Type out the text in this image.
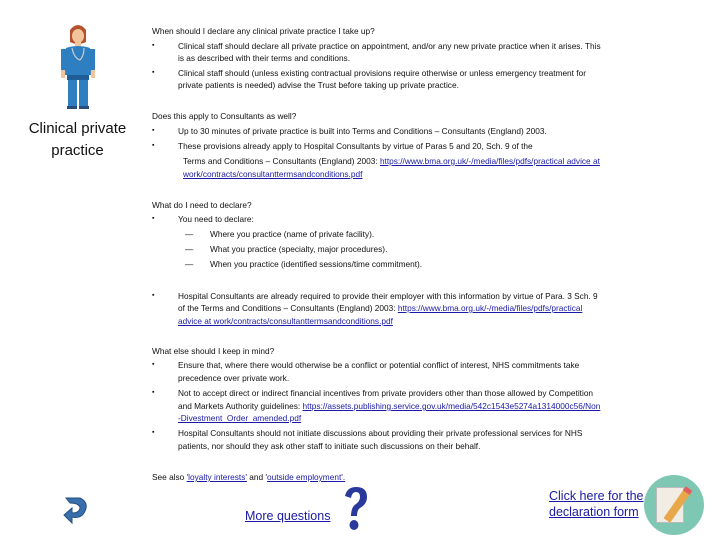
Clinical private
practice
When should I declare any clinical private practice I take up?
▪	Clinical staff should declare all private practice on appointment, and/or any new private practice when it arises. This
is as described with their terms and conditions.
▪	Clinical staff should (unless existing contractual provisions require otherwise or unless emergency treatment for
private patients is needed) advise the Trust before taking up private practice.
Does this apply to Consultants as well?
▪	Up to 30 minutes of private practice is built into Terms and Conditions – Consultants (England) 2003.
▪	These provisions already apply to Hospital Consultants by virtue of Paras 5 and 20, Sch. 9 of the
Terms and Conditions – Consultants (England) 2003: https://www.bma.org.uk/-/media/files/pdfs/practical advice at
work/contracts/consultanttermsandconditions.pdf
What do I need to declare?
▪	You need to declare:
— Where you practice (name of private facility).
— What you practice (specialty, major procedures).
— When you practice (identified sessions/time commitment).
▪	Hospital Consultants are already required to provide their employer with this information by virtue of Para. 3 Sch. 9
of the Terms and Conditions – Consultants (England) 2003: https://www.bma.org.uk/-/media/files/pdfs/practical
advice at work/contracts/consultanttermsandconditions.pdf
What else should I keep in mind?
▪	Ensure that, where there would otherwise be a conflict or potential conflict of interest, NHS commitments take
precedence over private work.
▪	Not to accept direct or indirect financial incentives from private providers other than those allowed by Competition
and Markets Authority guidelines: https://assets.publishing.service.gov.uk/media/542c1543e5274a1314000c56/Non
-Divestment_Order_amended.pdf
▪	Hospital Consultants should not initiate discussions about providing their private professional services for NHS
patients, nor should they ask other staff to initiate such discussions on their behalf.
See also 'loyalty interests' and 'outside employment'.
More questions
Click here for the
declaration form
